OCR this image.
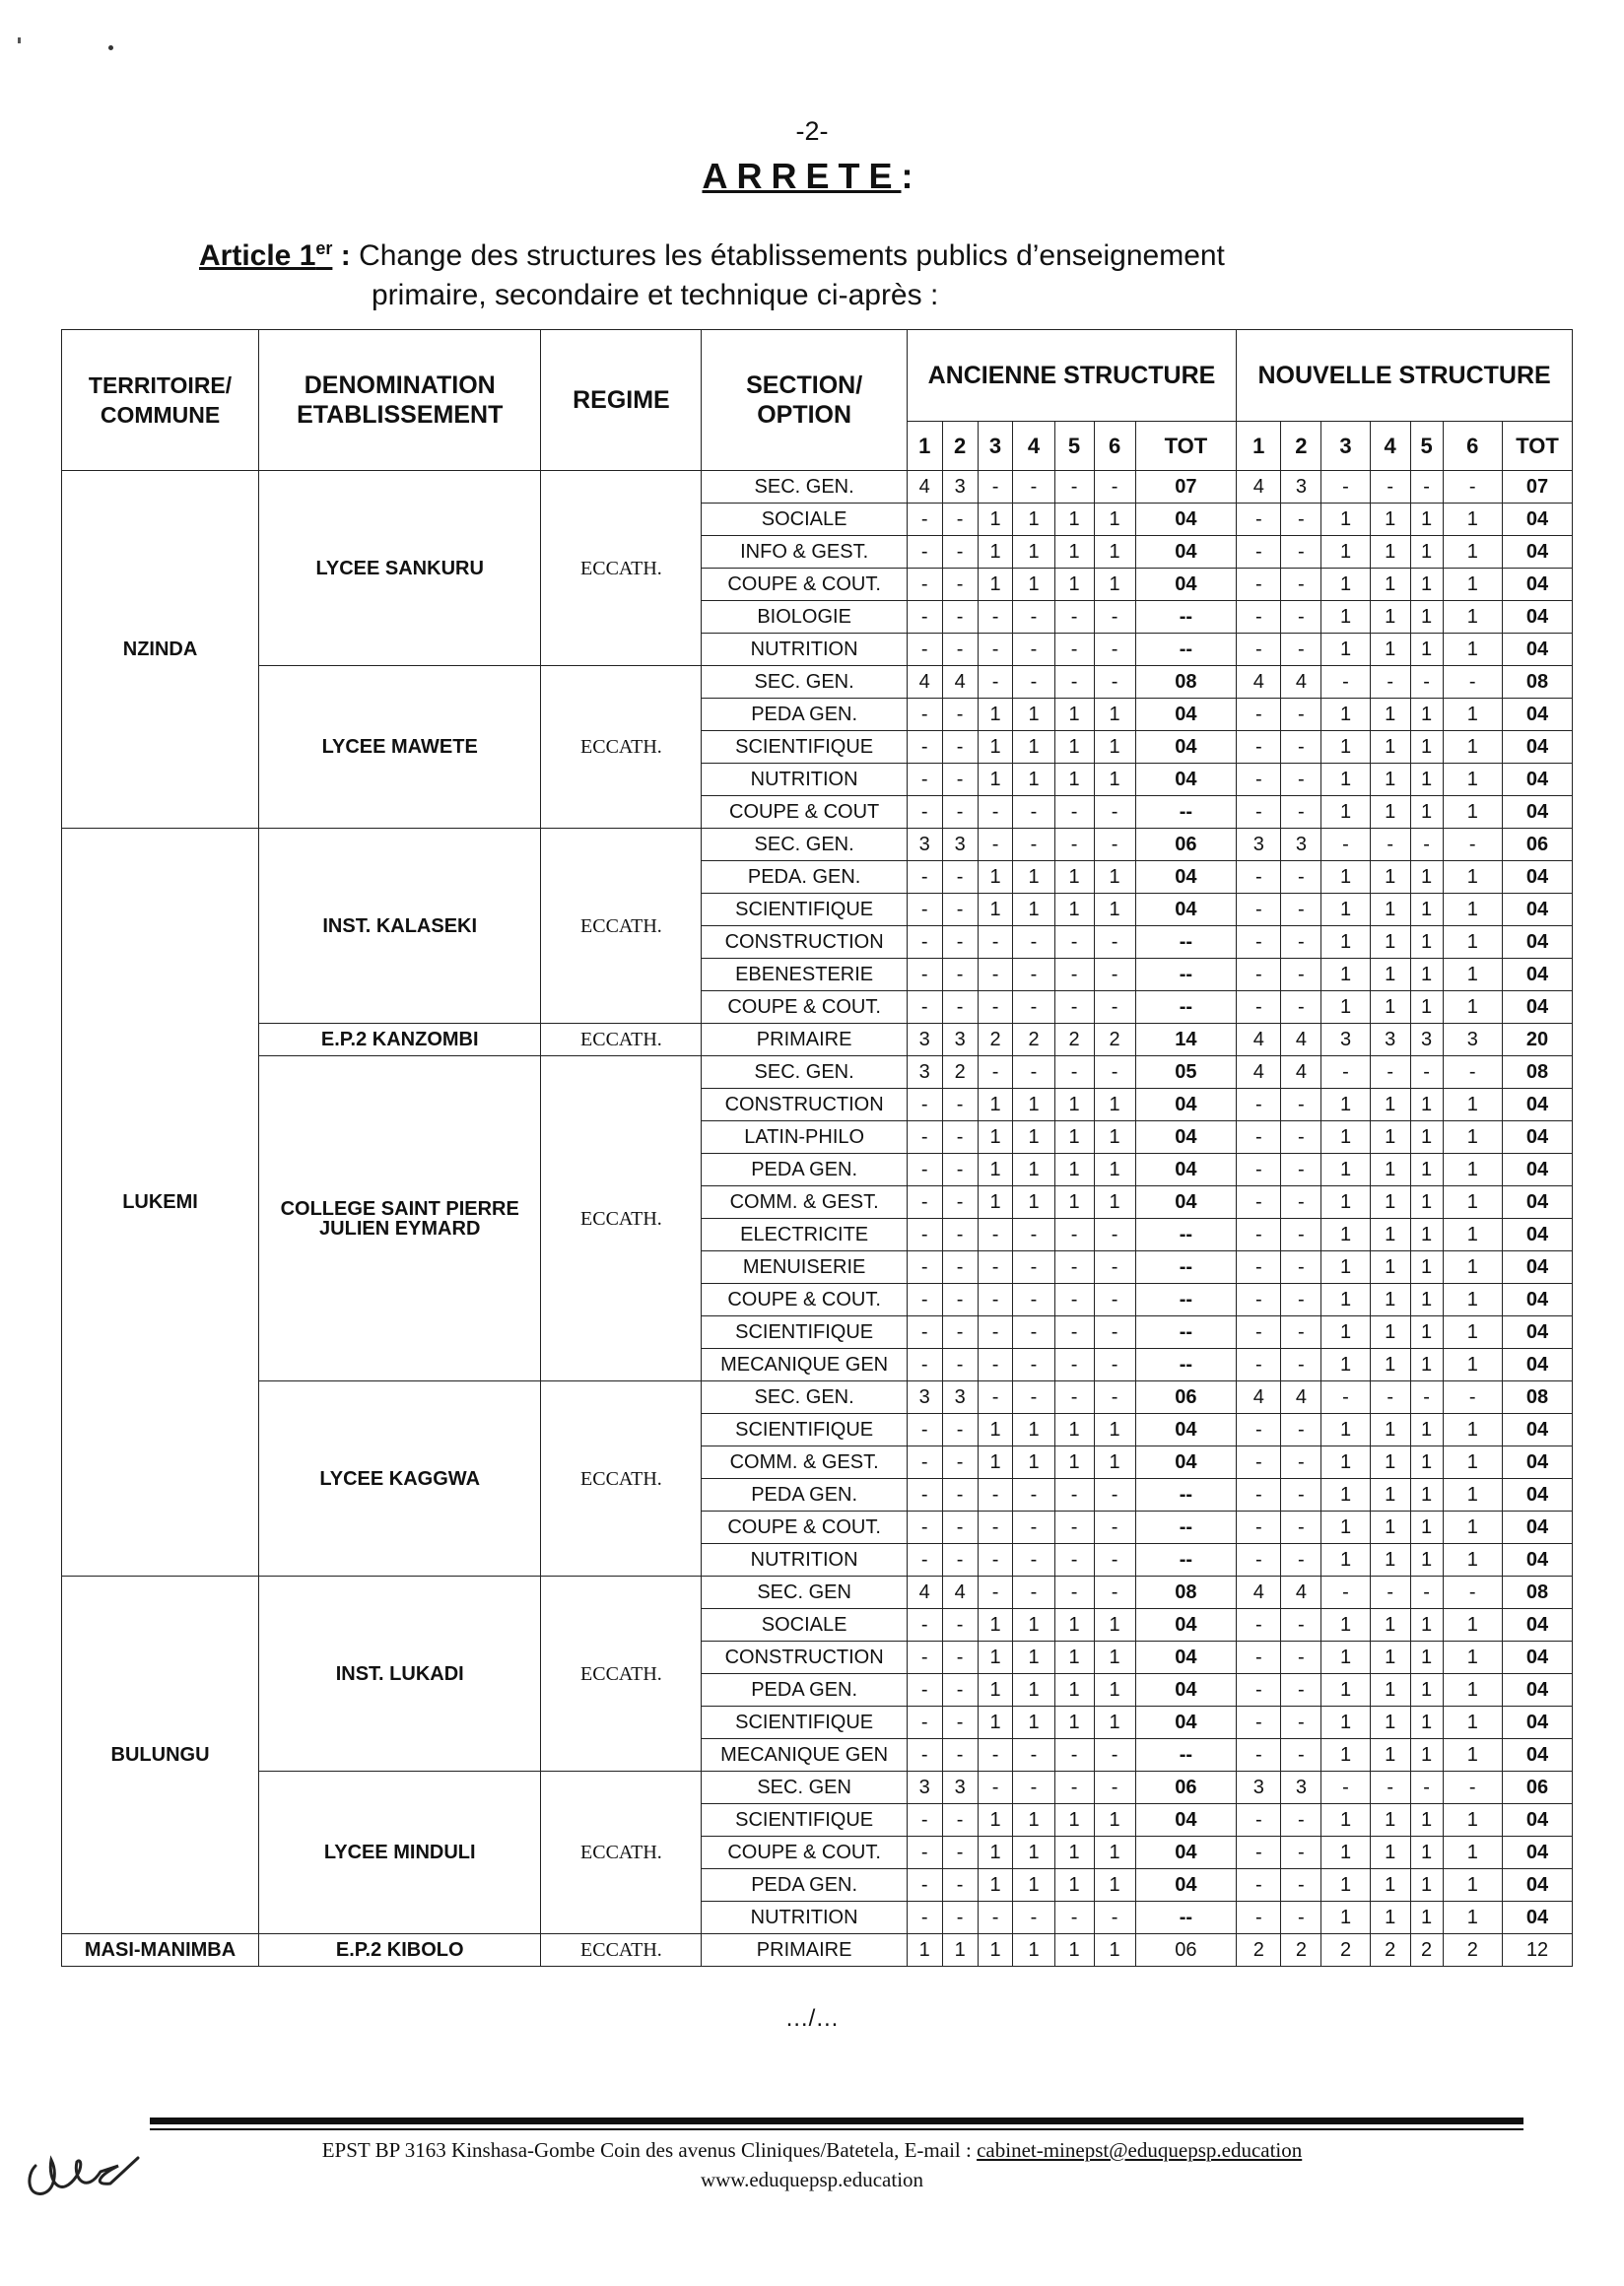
-2-
ARRETE:
Article 1er : Change des structures les établissements publics d’enseignement
primaire, secondaire et technique ci-après :
TERRITOIRE/ COMMUNE	DENOMINATION ETABLISSEMENT	REGIME	SECTION/ OPTION	ANCIENNE STRUCTURE							NOUVELLE STRUCTURE						
				1	2	3	4	5	6	TOT	1	2	3	4	5	6	TOT
NZINDA	LYCEE SANKURU	ECCATH.	SEC. GEN.	4	3	-	-	-	-	07	4	3	-	-	-	-	07
			SOCIALE	-	-	1	1	1	1	04	-	-	1	1	1	1	04
			INFO & GEST.	-	-	1	1	1	1	04	-	-	1	1	1	1	04
			COUPE & COUT.	-	-	1	1	1	1	04	-	-	1	1	1	1	04
			BIOLOGIE	-	-	-	-	-	-	--	-	-	1	1	1	1	04
			NUTRITION	-	-	-	-	-	-	--	-	-	1	1	1	1	04
	LYCEE MAWETE	ECCATH.	SEC. GEN.	4	4	-	-	-	-	08	4	4	-	-	-	-	08
			PEDA GEN.	-	-	1	1	1	1	04	-	-	1	1	1	1	04
			SCIENTIFIQUE	-	-	1	1	1	1	04	-	-	1	1	1	1	04
			NUTRITION	-	-	1	1	1	1	04	-	-	1	1	1	1	04
			COUPE & COUT	-	-	-	-	-	-	--	-	-	1	1	1	1	04
LUKEMI	INST. KALASEKI	ECCATH.	SEC. GEN.	3	3	-	-	-	-	06	3	3	-	-	-	-	06
			PEDA. GEN.	-	-	1	1	1	1	04	-	-	1	1	1	1	04
			SCIENTIFIQUE	-	-	1	1	1	1	04	-	-	1	1	1	1	04
			CONSTRUCTION	-	-	-	-	-	-	--	-	-	1	1	1	1	04
			EBENESTERIE	-	-	-	-	-	-	--	-	-	1	1	1	1	04
			COUPE & COUT.	-	-	-	-	-	-	--	-	-	1	1	1	1	04
	E.P.2 KANZOMBI	ECCATH.	PRIMAIRE	3	3	2	2	2	2	14	4	4	3	3	3	3	20
	COLLEGE SAINT PIERRE JULIEN EYMARD	ECCATH.	SEC. GEN.	3	2	-	-	-	-	05	4	4	-	-	-	-	08
			CONSTRUCTION	-	-	1	1	1	1	04	-	-	1	1	1	1	04
			LATIN-PHILO	-	-	1	1	1	1	04	-	-	1	1	1	1	04
			PEDA GEN.	-	-	1	1	1	1	04	-	-	1	1	1	1	04
			COMM. & GEST.	-	-	1	1	1	1	04	-	-	1	1	1	1	04
			ELECTRICITE	-	-	-	-	-	-	--	-	-	1	1	1	1	04
			MENUISERIE	-	-	-	-	-	-	--	-	-	1	1	1	1	04
			COUPE & COUT.	-	-	-	-	-	-	--	-	-	1	1	1	1	04
			SCIENTIFIQUE	-	-	-	-	-	-	--	-	-	1	1	1	1	04
			MECANIQUE GEN	-	-	-	-	-	-	--	-	-	1	1	1	1	04
	LYCEE KAGGWA	ECCATH.	SEC. GEN.	3	3	-	-	-	-	06	4	4	-	-	-	-	08
			SCIENTIFIQUE	-	-	1	1	1	1	04	-	-	1	1	1	1	04
			COMM. & GEST.	-	-	1	1	1	1	04	-	-	1	1	1	1	04
			PEDA GEN.	-	-	-	-	-	-	--	-	-	1	1	1	1	04
			COUPE & COUT.	-	-	-	-	-	-	--	-	-	1	1	1	1	04
			NUTRITION	-	-	-	-	-	-	--	-	-	1	1	1	1	04
BULUNGU	INST. LUKADI	ECCATH.	SEC. GEN	4	4	-	-	-	-	08	4	4	-	-	-	-	08
			SOCIALE	-	-	1	1	1	1	04	-	-	1	1	1	1	04
			CONSTRUCTION	-	-	1	1	1	1	04	-	-	1	1	1	1	04
			PEDA GEN.	-	-	1	1	1	1	04	-	-	1	1	1	1	04
			SCIENTIFIQUE	-	-	1	1	1	1	04	-	-	1	1	1	1	04
			MECANIQUE GEN	-	-	-	-	-	-	--	-	-	1	1	1	1	04
	LYCEE MINDULI	ECCATH.	SEC. GEN	3	3	-	-	-	-	06	3	3	-	-	-	-	06
			SCIENTIFIQUE	-	-	1	1	1	1	04	-	-	1	1	1	1	04
			COUPE & COUT.	-	-	1	1	1	1	04	-	-	1	1	1	1	04
			PEDA GEN.	-	-	1	1	1	1	04	-	-	1	1	1	1	04
			NUTRITION	-	-	-	-	-	-	--	-	-	1	1	1	1	04
MASI-MANIMBA	E.P.2 KIBOLO	ECCATH.	PRIMAIRE	1	1	1	1	1	1	06	2	2	2	2	2	2	12
…/…
EPST BP 3163 Kinshasa-Gombe Coin des avenus Cliniques/Batetela, E-mail : cabinet-minepst@eduquepsp.education
www.eduquepsp.education
